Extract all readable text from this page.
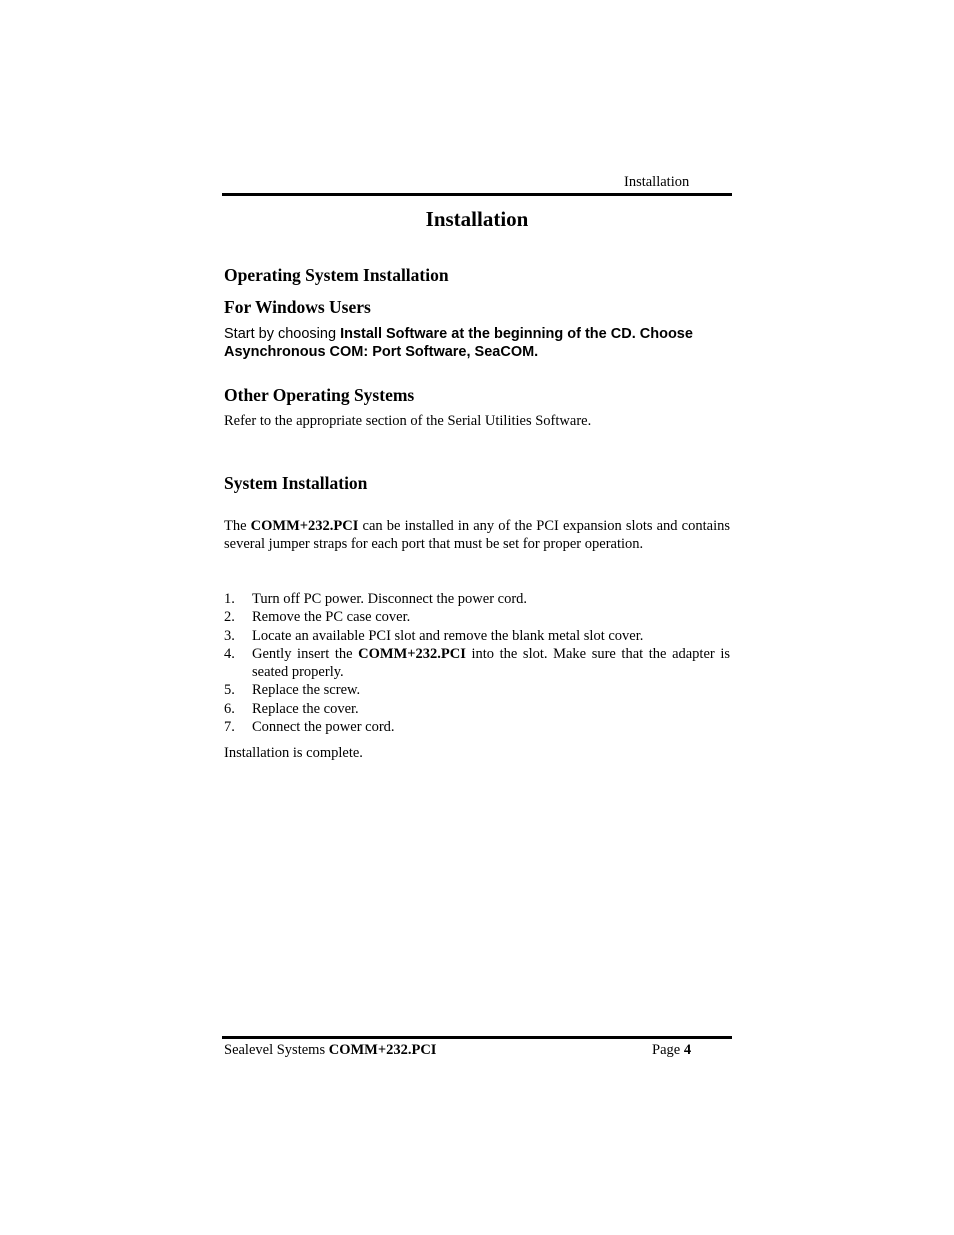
Installation
Installation
Operating System Installation
For Windows Users
Start by choosing Install Software at the beginning of the CD. Choose Asynchronous COM: Port Software, SeaCOM.
Other Operating Systems
Refer to the appropriate section of the Serial Utilities Software.
System Installation
The COMM+232.PCI can be installed in any of the PCI expansion slots and contains several jumper straps for each port that must be set for proper operation.
1. Turn off PC power. Disconnect the power cord.
2. Remove the PC case cover.
3. Locate an available PCI slot and remove the blank metal slot cover.
4. Gently insert the COMM+232.PCI into the slot. Make sure that the adapter is seated properly.
5. Replace the screw.
6. Replace the cover.
7. Connect the power cord.
Installation is complete.
Sealevel Systems COMM+232.PCI	Page 4
